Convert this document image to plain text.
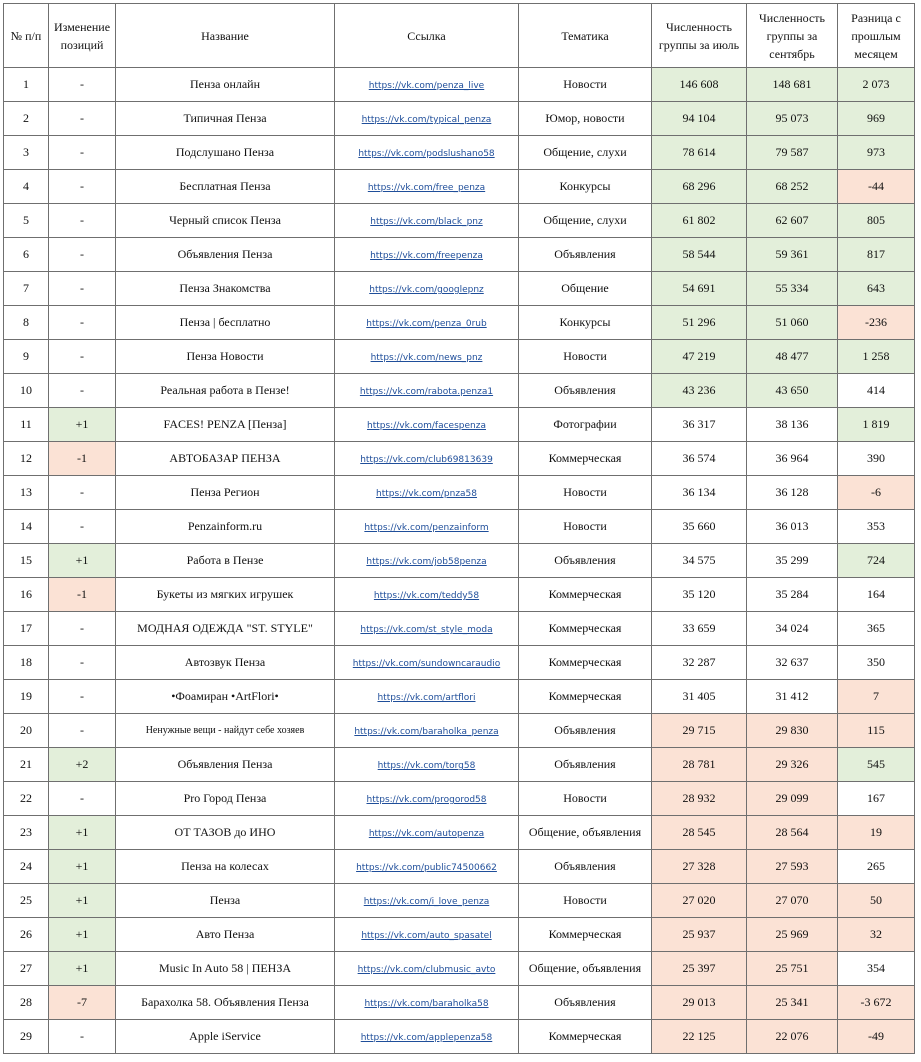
№ п/п	Изменение позиций	Название	Ссылка	Тематика	Численность группы за июль	Численность группы за сентябрь	Разница с прошлым месяцем
1	-	Пенза онлайн	https://vk.com/penza_live	Новости	146 608	148 681	2 073
2	-	Типичная Пенза	https://vk.com/typical_penza	Юмор, новости	94 104	95 073	969
3	-	Подслушано Пенза	https://vk.com/podslushano58	Общение, слухи	78 614	79 587	973
4	-	Бесплатная Пенза	https://vk.com/free_penza	Конкурсы	68 296	68 252	-44
5	-	Черный список Пенза	https://vk.com/black_pnz	Общение, слухи	61 802	62 607	805
6	-	Объявления Пенза	https://vk.com/freepenza	Объявления	58 544	59 361	817
7	-	Пенза Знакомства	https://vk.com/googlepnz	Общение	54 691	55 334	643
8	-	Пенза | бесплатно	https://vk.com/penza_0rub	Конкурсы	51 296	51 060	-236
9	-	Пенза Новости	https://vk.com/news_pnz	Новости	47 219	48 477	1 258
10	-	Реальная работа в Пензе!	https://vk.com/rabota.penza1	Объявления	43 236	43 650	414
11	+1	FACES! PENZA [Пенза]	https://vk.com/facespenza	Фотографии	36 317	38 136	1 819
12	-1	АВТОБАЗАР ПЕНЗА	https://vk.com/club69813639	Коммерческая	36 574	36 964	390
13	-	Пенза Регион	https://vk.com/pnza58	Новости	36 134	36 128	-6
14	-	Penzainform.ru	https://vk.com/penzainform	Новости	35 660	36 013	353
15	+1	Работа в Пензе	https://vk.com/job58penza	Объявления	34 575	35 299	724
16	-1	Букеты из мягких игрушек	https://vk.com/teddy58	Коммерческая	35 120	35 284	164
17	-	МОДНАЯ ОДЕЖДА "ST. STYLE"	https://vk.com/st_style_moda	Коммерческая	33 659	34 024	365
18	-	Автозвук Пенза	https://vk.com/sundowncaraudio	Коммерческая	32 287	32 637	350
19	-	•Фоамиран •ArtFlori•	https://vk.com/artflori	Коммерческая	31 405	31 412	7
20	-	Ненужные вещи - найдут себе хозяев	https://vk.com/baraholka_penza	Объявления	29 715	29 830	115
21	+2	Объявления Пенза	https://vk.com/torg58	Объявления	28 781	29 326	545
22	-	Pro Город Пенза	https://vk.com/progorod58	Новости	28 932	29 099	167
23	+1	ОТ ТАЗОВ до ИНО	https://vk.com/autopenza	Общение, объявления	28 545	28 564	19
24	+1	Пенза на колесах	https://vk.com/public74500662	Объявления	27 328	27 593	265
25	+1	Пенза	https://vk.com/i_love_penza	Новости	27 020	27 070	50
26	+1	Авто Пенза	https://vk.com/auto_spasatel	Коммерческая	25 937	25 969	32
27	+1	Music In Auto 58 | ПЕНЗА	https://vk.com/clubmusic_avto	Общение, объявления	25 397	25 751	354
28	-7	Барахолка 58. Объявления Пенза	https://vk.com/baraholka58	Объявления	29 013	25 341	-3 672
29	-	Apple iService	https://vk.com/applepenza58	Коммерческая	22 125	22 076	-49
